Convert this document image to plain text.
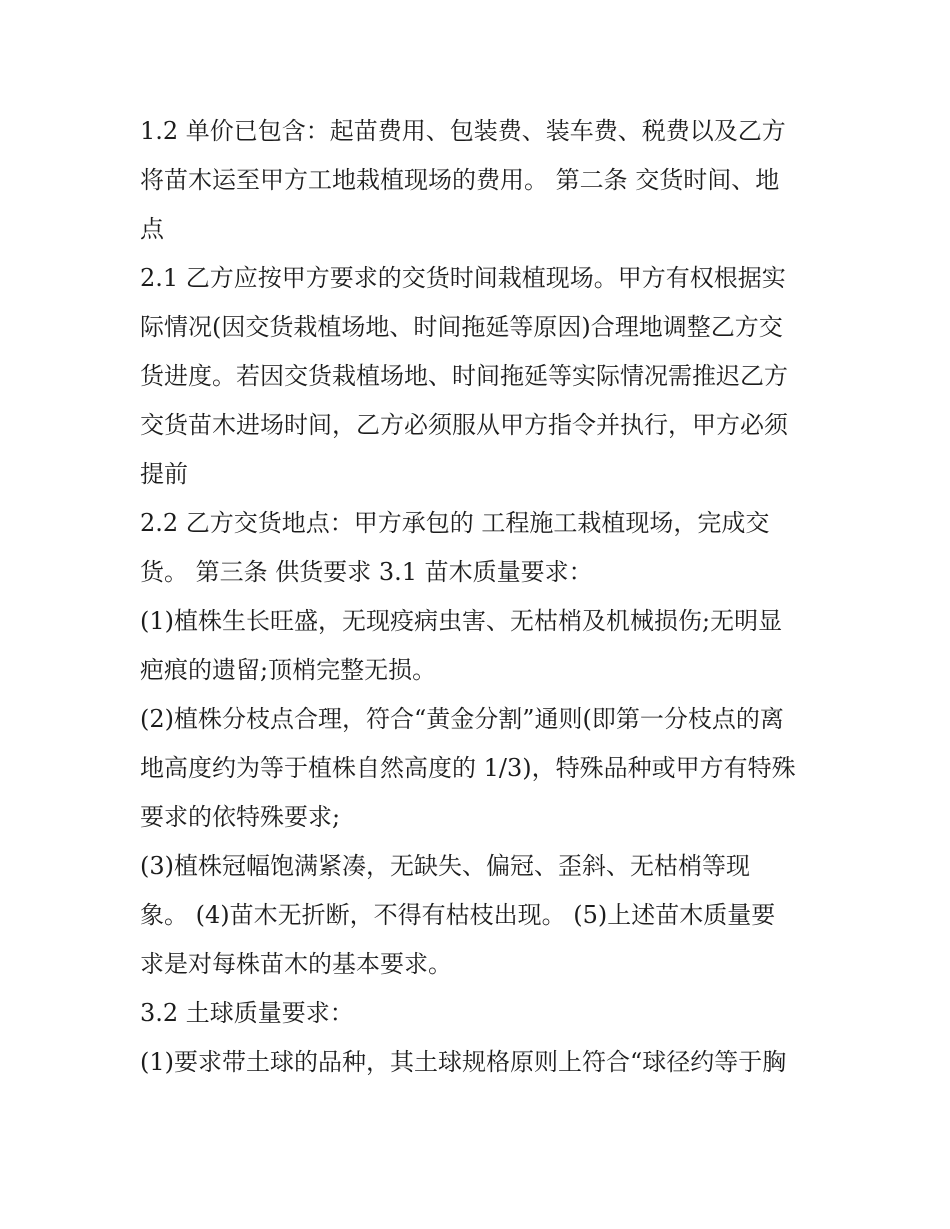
1.2 单价已包含：起苗费用、包装费、装车费、税费以及乙方
将苗木运至甲方工地栽植现场的费用。 第二条 交货时间、地
点
2.1 乙方应按甲方要求的交货时间栽植现场。甲方有权根据实
际情况(因交货栽植场地、时间拖延等原因)合理地调整乙方交
货进度。若因交货栽植场地、时间拖延等实际情况需推迟乙方
交货苗木进场时间，乙方必须服从甲方指令并执行，甲方必须
提前
2.2 乙方交货地点：甲方承包的 工程施工栽植现场，完成交
货。 第三条 供货要求 3.1 苗木质量要求：
(1)植株生长旺盛，无现疫病虫害、无枯梢及机械损伤;无明显
疤痕的遗留;顶梢完整无损。
(2)植株分枝点合理，符合“黄金分割”通则(即第一分枝点的离
地高度约为等于植株自然高度的 1/3)，特殊品种或甲方有特殊
要求的依特殊要求;
(3)植株冠幅饱满紧凑，无缺失、偏冠、歪斜、无枯梢等现
象。 (4)苗木无折断，不得有枯枝出现。 (5)上述苗木质量要
求是对每株苗木的基本要求。
3.2 土球质量要求：
(1)要求带土球的品种，其土球规格原则上符合“球径约等于胸
